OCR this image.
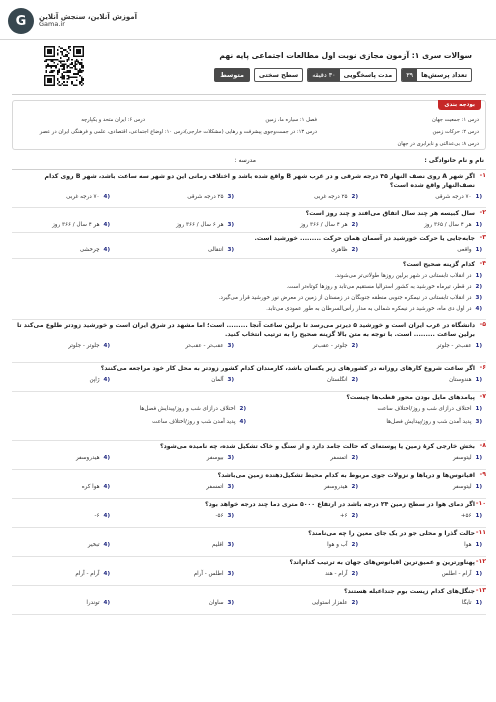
G	آموزش آنلاین، سنجش آنلاین
Gama.ir
سوالات سری ۱: آزمون مجازی نوبت اول مطالعات اجتماعی پایه نهم
تعداد پرسش‌ها
۳۹
مدت پاسخگویی
۳۰ دقیقه
سطح سختی
متوسط
بودجه بندی
درس ۱: جمعیت جهان
فصل ۱: سیاره ما، زمین
درس ۶: ایران متحد و یکپارچه
درس ۲: حرکات زمین
درس ۱۳: در جست‌وجوی پیشرفت و رهایی (مشکلات خارجی)
درس ۱۰: اوضاع اجتماعی، اقتصادی، علمی و فرهنگی ایران در عصر
درس ۸: بی‌عدالتی و نابرابری در جهان
نام و نام خانوادگی :
مدرسه :
-۱
اگر شهر A روی نصف النهار ۴۵ درجه شرقی و در غرب شهر B واقع شده باشد و اختلاف زمانی این دو شهر سه ساعت باشد، شهر B روی کدام نصف‌النهار واقع شده است؟
1)
۷۰ درجه شرقی
2)
۲۵ درجه غربی
3)
۲۵ درجه شرقی
4)
۷۰ درجه غربی
-۲
سال کبیسه هر چند سال اتفاق می‌افتد و چند روز است؟
1)
هر ۴ سال / ۳۶۵ روز
2)
هر ۴ سال / ۳۶۶ روز
3)
هر ۶ سال / ۳۶۶ روز
4)
هر ۴ سال / ۳۶۶ روز
-۳
جابه‌جایی یا حرکت خورشید در آسمان همان حرکت ......... خورشید است.
1)
واقعی
2)
ظاهری
3)
انتقالی
4)
چرخشی
-۴
کدام گزینه صحیح است؟
1)
در انقلاب تابستانی در شهر برلین روزها طولانی‌تر می‌شوند.
2)
در قطر، تیرماه خورشید به کشور استرالیا مستقیم می‌تابد و روزها کوتاه‌تر است.
3)
در انقلاب تابستانی در نیمکره جنوبی منطقه جنوبگان در زمستان از زمین در معرض نور خورشید قرار می‌گیرد.
4)
در اول دی ماه، خورشید در نیمکره شمالی به مدار رأس‌السرطان به طور عمودی می‌تابد.
-۵
دانشگاه در غرب ایران است و خورشید ۵ دیرتر می‌رسد تا برلین ساعت آنجا ......... است؛ اما مشهد در شرق ایران است و خورشید زودتر طلوع می‌کند تا برلین ساعت ......... است. با توجه به متن بالا گزینه صحیح را به ترتیب انتخاب کنید.
1)
عقب‌تر - جلوتر
2)
جلوتر - عقب‌تر
3)
عقب‌تر - عقب‌تر
4)
جلوتر - جلوتر
-۶
اگر ساعت شروع کارهای روزانه در کشورهای زیر یکسان باشد، کارمندان کدام کشور زودتر به محل کار خود مراجعه می‌کنند؟
1)
هندوستان
2)
انگلستان
3)
آلمان
4)
ژاپن
-۷
پیامدهای مایل بودن محور قطب‌ها چیست؟
1)
اختلاف درازای شب و روز/اختلاف ساعت
2)
اختلاف درازای شب و روز/پیدایش فصل‌ها
3)
پدید آمدن شب و روز/پیدایش فصل‌ها
4)
پدید آمدن شب و روز/اختلاف ساعت
-۸
بخش خارجی کرهٔ زمین یا پوسته‌ای که حالت جامد دارد و از سنگ و خاک تشکیل شده، چه نامیده می‌شود؟
1)
لیتوسفر
2)
اتمسفر
3)
بیوسفر
4)
هیدروسفر
-۹
اقیانوس‌ها و دریاها و نزولات جوی مربوط به کدام محیط تشکیل‌دهنده زمین می‌باشد؟
1)
لیتوسفر
2)
هیدروسفر
3)
اتمسفر
4)
هوا کره
-۱۰
اگر دمای هوا در سطح زمین ۲۴ درجه باشد در ارتفاع ۵۰۰۰ متری دما چند درجه خواهد بود؟
1)
۵۶+
2)
۶+
3)
۵۶-
4)
۶-
-۱۱
حالت گذرا و محلی جو در یک جای معین را چه می‌نامند؟
1)
هوا
2)
آب و هوا
3)
اقلیم
4)
تبخیر
-۱۲
پهناورترین و عمیق‌ترین اقیانوس‌های جهان به ترتیب کدام‌اند؟
1)
آرام - اطلس
2)
آرام - هند
3)
اطلس - آرام
4)
آرام - آرام
-۱۳
جنگل‌های کدام زیست بوم جنداعبله هستند؟
1)
تایگا
2)
علفزار استوایی
3)
ساوان
4)
توندرا
